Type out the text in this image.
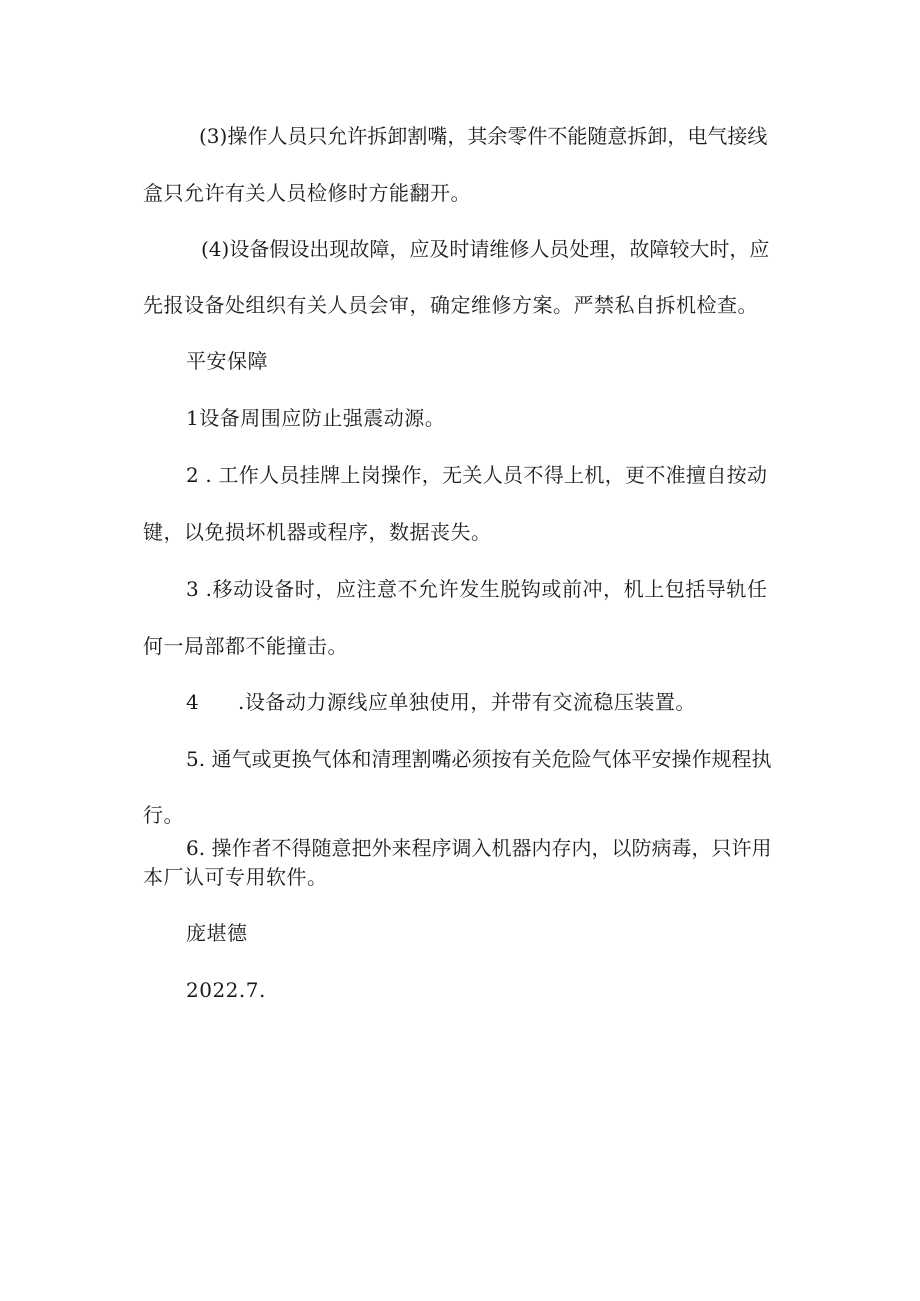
(3)操作人员只允许拆卸割嘴，其余零件不能随意拆卸，电气接线
盒只允许有关人员检修时方能翻开。
(4)设备假设出现故障，应及时请维修人员处理，故障较大时，应
先报设备处组织有关人员会审，确定维修方案。严禁私自拆机检查。
平安保障
1设备周围应防止强震动源。
2 . 工作人员挂牌上岗操作，无关人员不得上机，更不准擅自按动
键，以免损坏机器或程序，数据丧失。
3 .移动设备时，应注意不允许发生脱钩或前冲，机上包括导轨任
何一局部都不能撞击。
4 .设备动力源线应单独使用，并带有交流稳压装置。
5. 通气或更换气体和清理割嘴必须按有关危险气体平安操作规程执
行。
6. 操作者不得随意把外来程序调入机器内存内，以防病毒，只许用
本厂认可专用软件。
庞堪德
2022.7.
